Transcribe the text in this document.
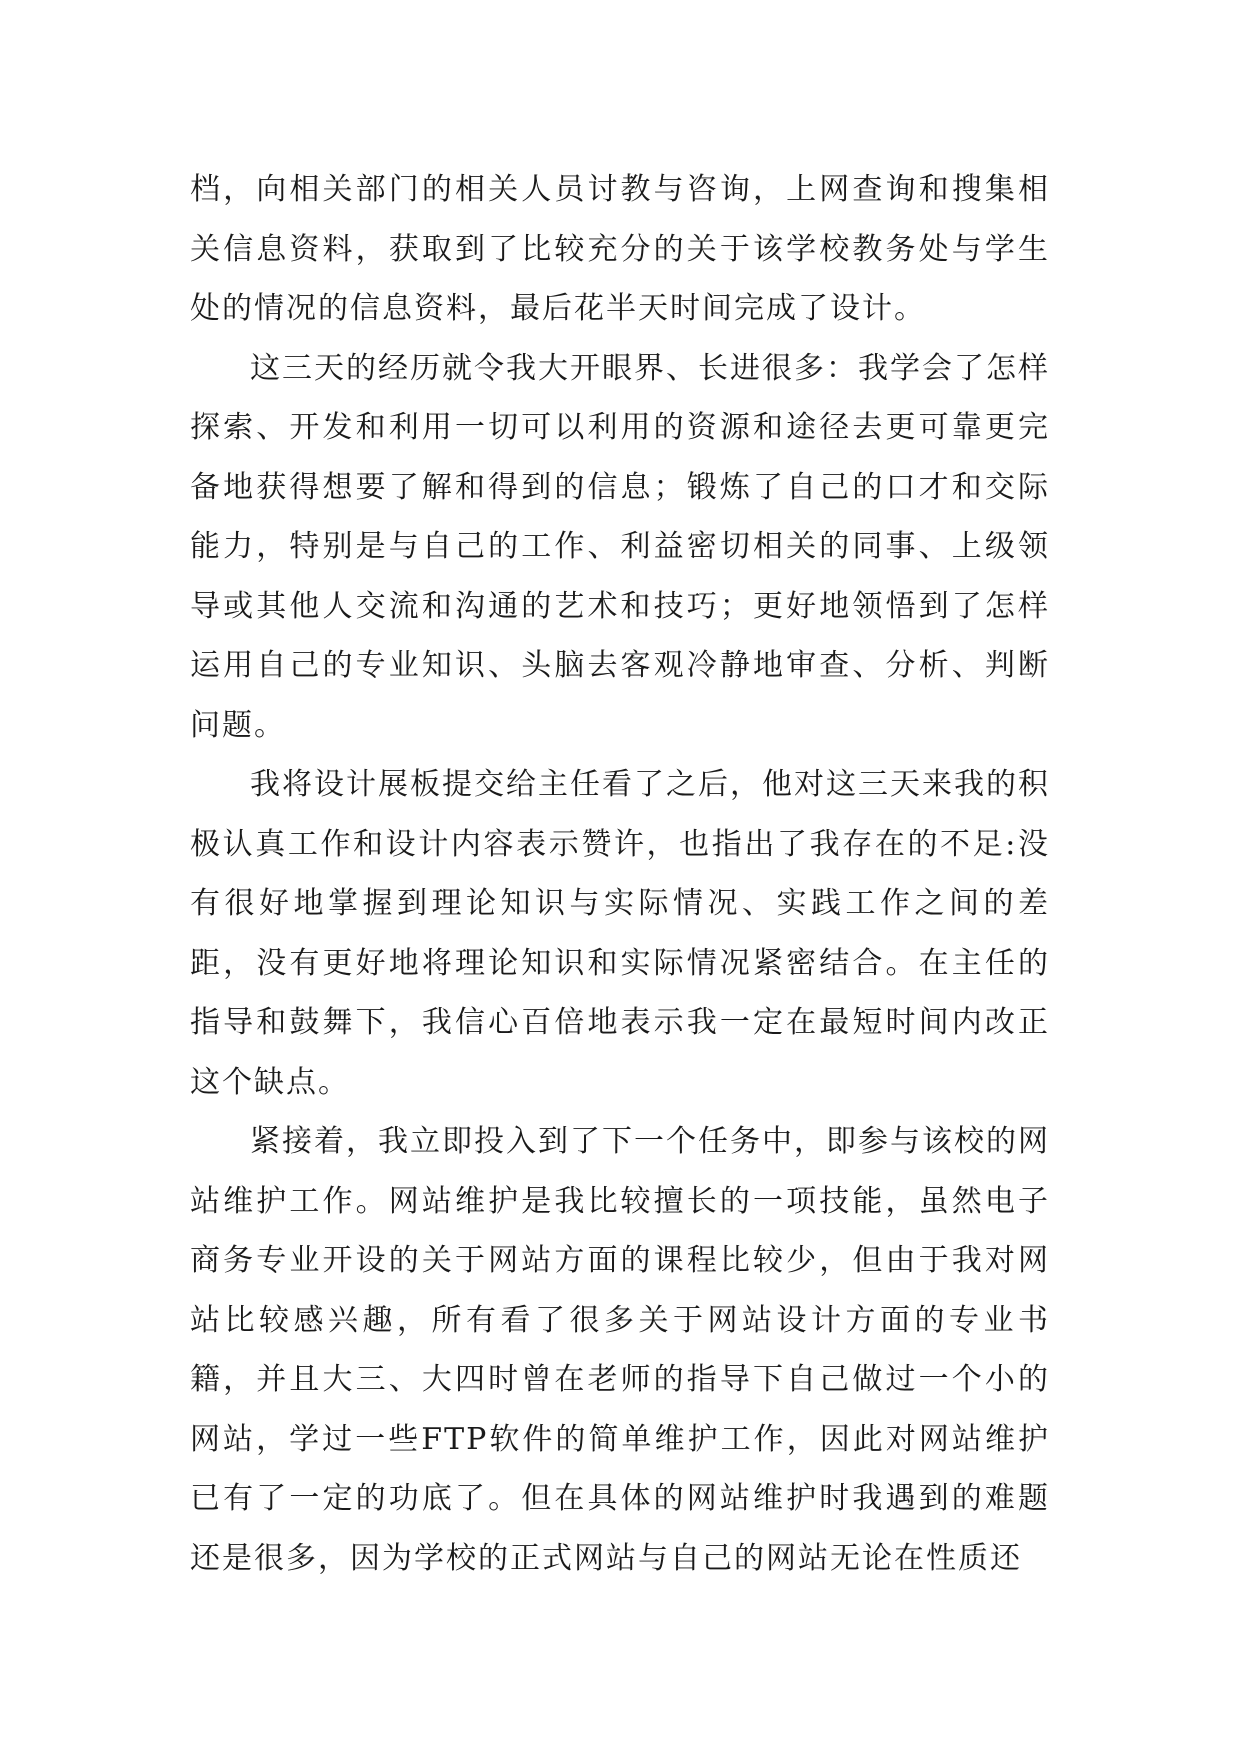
档，向相关部门的相关人员讨教与咨询，上网查询和搜集相关信息资料，获取到了比较充分的关于该学校教务处与学生处的情况的信息资料，最后花半天时间完成了设计。

这三天的经历就令我大开眼界、长进很多：我学会了怎样探索、开发和利用一切可以利用的资源和途径去更可靠更完备地获得想要了解和得到的信息；锻炼了自己的口才和交际能力，特别是与自己的工作、利益密切相关的同事、上级领导或其他人交流和沟通的艺术和技巧；更好地领悟到了怎样运用自己的专业知识、头脑去客观冷静地审查、分析、判断问题。

我将设计展板提交给主任看了之后，他对这三天来我的积极认真工作和设计内容表示赞许，也指出了我存在的不足:没有很好地掌握到理论知识与实际情况、实践工作之间的差距，没有更好地将理论知识和实际情况紧密结合。在主任的指导和鼓舞下，我信心百倍地表示我一定在最短时间内改正这个缺点。

紧接着，我立即投入到了下一个任务中，即参与该校的网站维护工作。网站维护是我比较擅长的一项技能，虽然电子商务专业开设的关于网站方面的课程比较少，但由于我对网站比较感兴趣，所有看了很多关于网站设计方面的专业书籍，并且大三、大四时曾在老师的指导下自己做过一个小的网站，学过一些FTP软件的简单维护工作，因此对网站维护已有了一定的功底了。但在具体的网站维护时我遇到的难题还是很多，因为学校的正式网站与自己的网站无论在性质还
